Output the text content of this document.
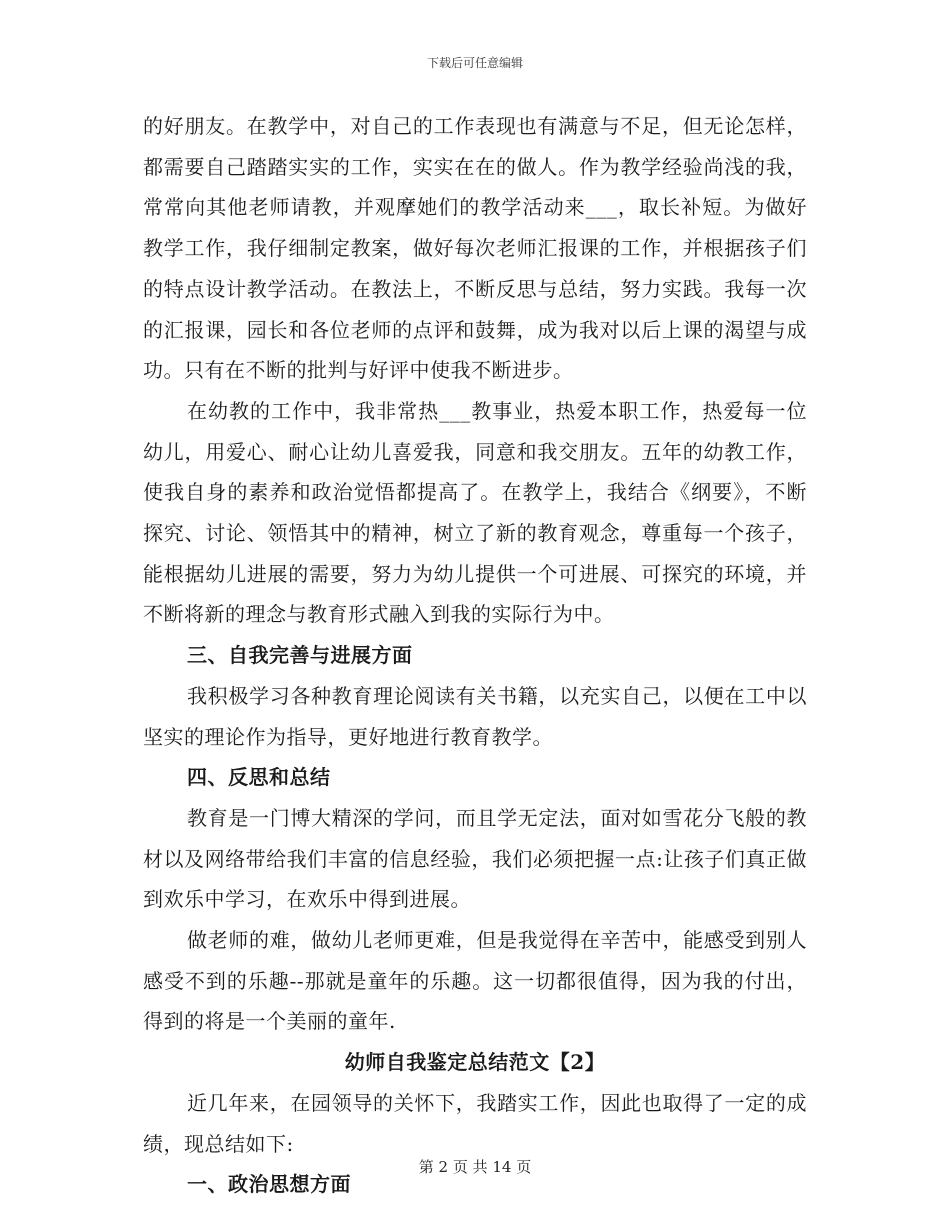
下载后可任意编辑

的好朋友。在教学中，对自己的工作表现也有满意与不足，但无论怎样，都需要自己踏踏实实的工作，实实在在的做人。作为教学经验尚浅的我，常常向其他老师请教，并观摩她们的教学活动来___，取长补短。为做好教学工作，我仔细制定教案，做好每次老师汇报课的工作，并根据孩子们的特点设计教学活动。在教法上，不断反思与总结，努力实践。我每一次的汇报课，园长和各位老师的点评和鼓舞，成为我对以后上课的渴望与成功。只有在不断的批判与好评中使我不断进步。

在幼教的工作中，我非常热___教事业，热爱本职工作，热爱每一位幼儿，用爱心、耐心让幼儿喜爱我，同意和我交朋友。五年的幼教工作，使我自身的素养和政治觉悟都提高了。在教学上，我结合《纲要》，不断探究、讨论、领悟其中的精神，树立了新的教育观念，尊重每一个孩子，能根据幼儿进展的需要，努力为幼儿提供一个可进展、可探究的环境，并不断将新的理念与教育形式融入到我的实际行为中。

三、自我完善与进展方面

我积极学习各种教育理论阅读有关书籍，以充实自己，以便在工中以坚实的理论作为指导，更好地进行教育教学。

四、反思和总结

教育是一门博大精深的学问，而且学无定法，面对如雪花分飞般的教材以及网络带给我们丰富的信息经验，我们必须把握一点:让孩子们真正做到欢乐中学习，在欢乐中得到进展。

做老师的难，做幼儿老师更难，但是我觉得在辛苦中，能感受到别人感受不到的乐趣--那就是童年的乐趣。这一切都很值得，因为我的付出，得到的将是一个美丽的童年.

幼师自我鉴定总结范文【2】

近几年来，在园领导的关怀下，我踏实工作，因此也取得了一定的成绩，现总结如下:

一、政治思想方面

第 2 页 共 14 页
